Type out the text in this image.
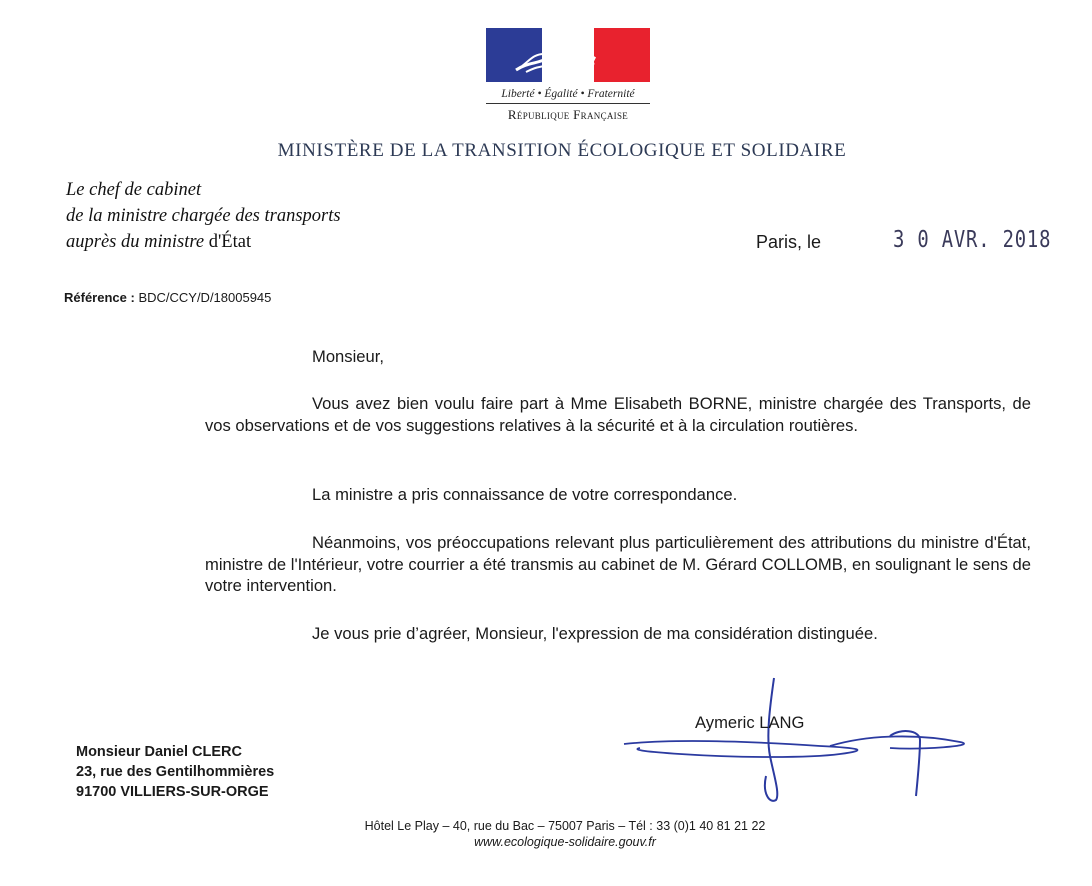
Liberté • Égalité • Fraternité
République Française
MINISTÈRE DE LA TRANSITION ÉCOLOGIQUE ET SOLIDAIRE
Le chef de cabinet
de la ministre chargée des transports
auprès du ministre d'État	Paris, le	3 0 AVR. 2018
Référence : BDC/CCY/D/18005945
Monsieur,
Vous avez bien voulu faire part à Mme Elisabeth BORNE, ministre chargée des Transports, de vos observations et de vos suggestions relatives à la sécurité et à la circulation routières.
La ministre a pris connaissance de votre correspondance.
Néanmoins, vos préoccupations relevant plus particulièrement des attributions du ministre d'État, ministre de l'Intérieur, votre courrier a été transmis au cabinet de M. Gérard COLLOMB, en soulignant le sens de votre intervention.
Je vous prie d’agréer, Monsieur, l'expression de ma considération distinguée.
Aymeric LANG
Monsieur Daniel CLERC
23, rue des Gentilhommières
91700 VILLIERS-SUR-ORGE
Hôtel Le Play – 40, rue du Bac – 75007 Paris – Tél : 33 (0)1 40 81 21 22
www.ecologique-solidaire.gouv.fr
